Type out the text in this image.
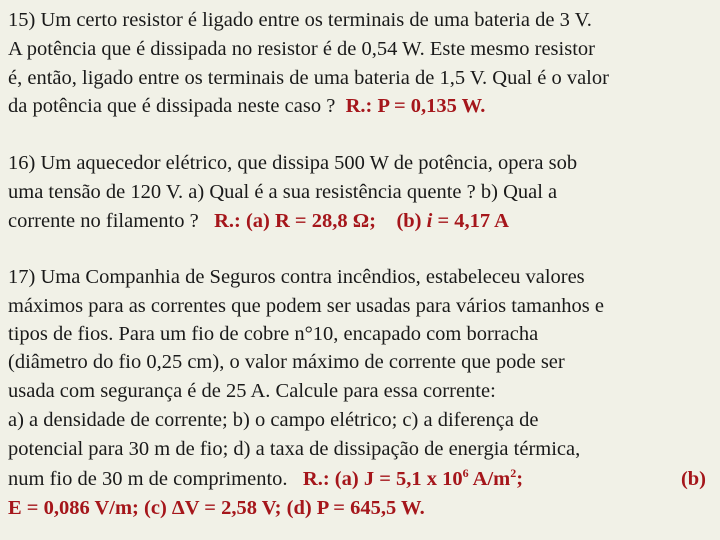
15) Um certo resistor é ligado entre os terminais de uma bateria de 3 V.
A potência que é dissipada no resistor é de 0,54 W. Este mesmo resistor
é, então, ligado entre os terminais de uma bateria de 1,5 V. Qual é o valor
da potência que é dissipada neste caso ? R.: P = 0,135 W.
16) Um aquecedor elétrico, que dissipa 500 W de potência, opera sob
uma tensão de 120 V. a) Qual é a sua resistência quente ? b) Qual a
corrente no filamento ? R.: (a) R = 28,8 Ω; (b) i = 4,17 A
17) Uma Companhia de Seguros contra incêndios, estabeleceu valores
máximos para as correntes que podem ser usadas para vários tamanhos e
tipos de fios. Para um fio de cobre n°10, encapado com borracha
(diâmetro do fio 0,25 cm), o valor máximo de corrente que pode ser
usada com segurança é de 25 A. Calcule para essa corrente:
a) a densidade de corrente; b) o campo elétrico; c) a diferença de
potencial para 30 m de fio; d) a taxa de dissipação de energia térmica,
num fio de 30 m de comprimento. R.: (a) J = 5,1 x $10^6$ $A/m^2$;	(b)
E = 0,086 V/m; (c) ΔV = 2,58 V; (d) P = 645,5 W.
